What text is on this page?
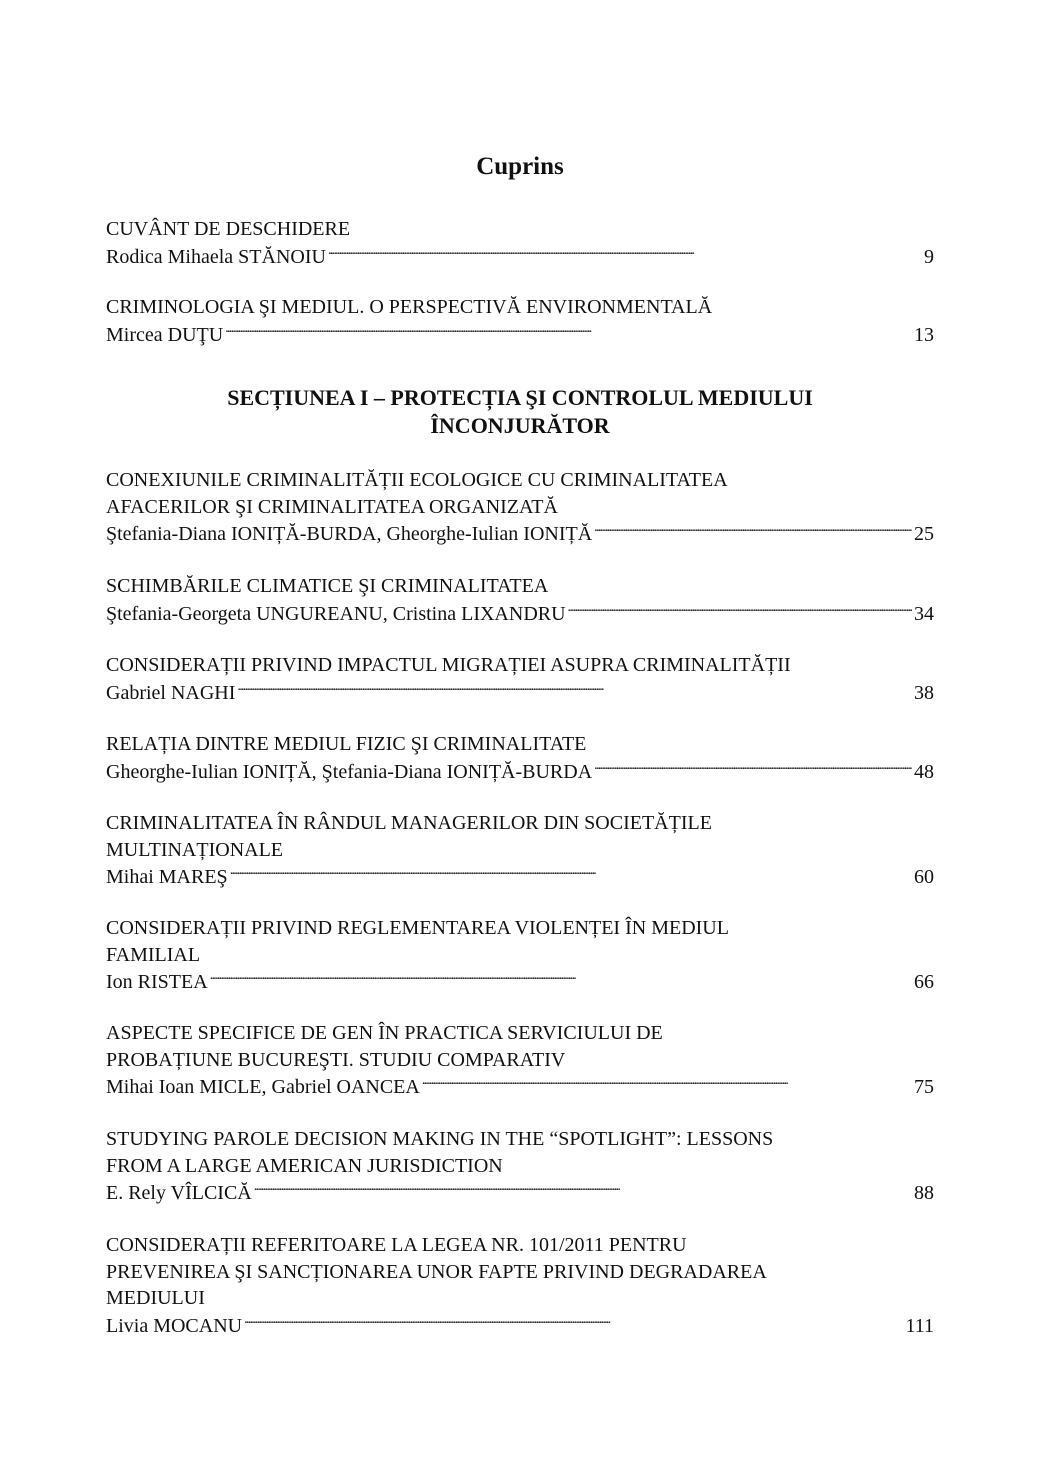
Cuprins
CUVÂNT DE DESCHIDERE
Rodica Mihaela STĂNOIU . . .	9
CRIMINOLOGIA ŞI MEDIUL. O PERSPECTIVĂ ENVIRONMENTALĂ
Mircea DUŢU . . .	13
SECȚIUNEA I – PROTECȚIA ŞI CONTROLUL MEDIULUI
ÎNCONJURĂTOR
CONEXIUNILE CRIMINALITĂȚII ECOLOGICE CU CRIMINALITATEA
AFACERILOR ŞI CRIMINALITATEA ORGANIZATĂ
Ştefania-Diana IONIȚĂ-BURDA, Gheorghe-Iulian IONIȚĂ . . .	25
SCHIMBĂRILE CLIMATICE ŞI CRIMINALITATEA
Ştefania-Georgeta UNGUREANU, Cristina LIXANDRU . . .	34
CONSIDERAȚII PRIVIND IMPACTUL MIGRAȚIEI ASUPRA CRIMINALITĂȚII
Gabriel NAGHI . . .	38
RELAȚIA DINTRE MEDIUL FIZIC ŞI CRIMINALITATE
Gheorghe-Iulian IONIȚĂ, Ştefania-Diana IONIȚĂ-BURDA . . .	48
CRIMINALITATEA ÎN RÂNDUL MANAGERILOR DIN SOCIETĂȚILE
MULTINAȚIONALE
Mihai MAREŞ . . .	60
CONSIDERAȚII PRIVIND REGLEMENTAREA VIOLENȚEI ÎN MEDIUL
FAMILIAL
Ion RISTEA . . .	66
ASPECTE SPECIFICE DE GEN ÎN PRACTICA SERVICIULUI DE
PROBAȚIUNE BUCUREŞTI. STUDIU COMPARATIV
Mihai Ioan MICLE, Gabriel OANCEA . . .	75
STUDYING PAROLE DECISION MAKING IN THE “SPOTLIGHT”: LESSONS
FROM A LARGE AMERICAN JURISDICTION
E. Rely VÎLCICĂ . . .	88
CONSIDERAȚII REFERITOARE LA LEGEA NR. 101/2011 PENTRU
PREVENIREA ŞI SANCȚIONAREA UNOR FAPTE PRIVIND DEGRADAREA
MEDIULUI
Livia MOCANU . . .	111
